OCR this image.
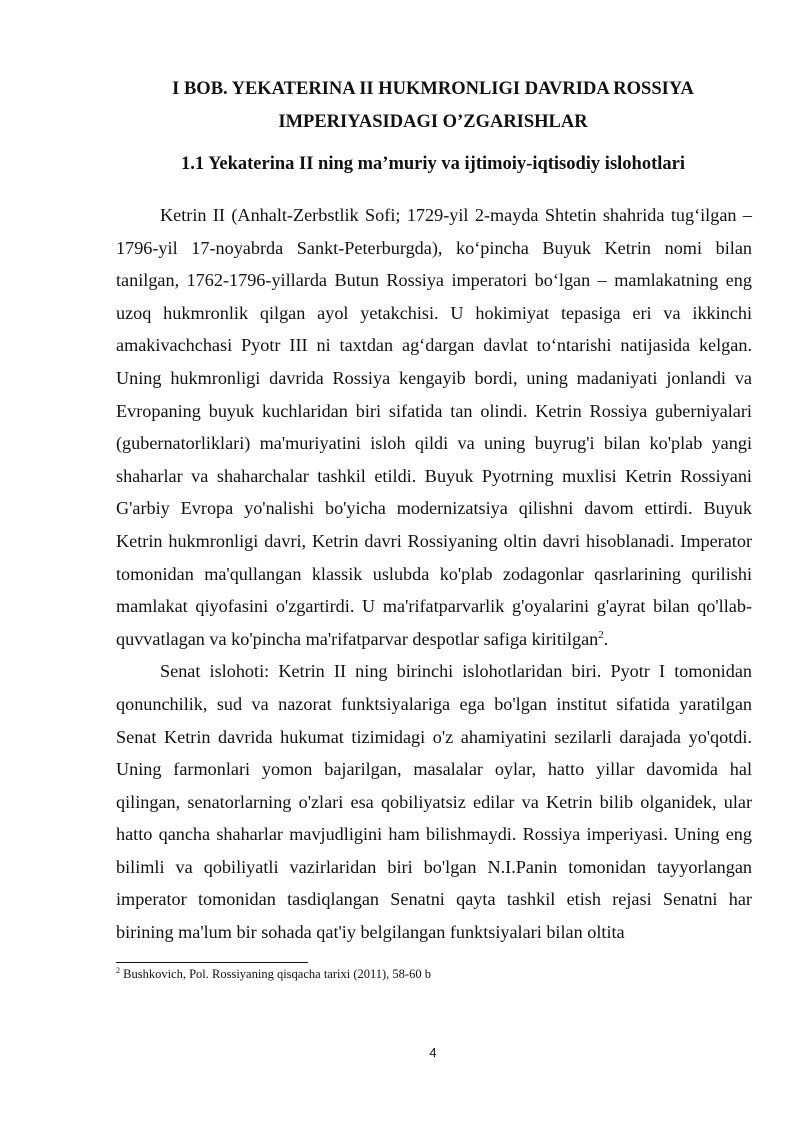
I BOB. YEKATERINA II HUKMRONLIGI DAVRIDA ROSSIYA
IMPERIYASIDAGI O’ZGARISHLAR
1.1 Yekaterina II ning ma’muriy va ijtimoiy-iqtisodiy islohotlari

Ketrin II (Anhalt-Zerbstlik Sofi; 1729-yil 2-mayda Shtetin shahrida tug‘ilgan – 1796-yil 17-noyabrda Sankt-Peterburgda), ko‘pincha Buyuk Ketrin nomi bilan tanilgan, 1762-1796-yillarda Butun Rossiya imperatori bo‘lgan – mamlakatning eng uzoq hukmronlik qilgan ayol yetakchisi. U hokimiyat tepasiga eri va ikkinchi amakivachchasi Pyotr III ni taxtdan ag‘dargan davlat to‘ntarishi natijasida kelgan. Uning hukmronligi davrida Rossiya kengayib bordi, uning madaniyati jonlandi va Evropaning buyuk kuchlaridan biri sifatida tan olindi. Ketrin Rossiya guberniyalari (gubernatorliklari) ma'muriyatini isloh qildi va uning buyrug'i bilan ko'plab yangi shaharlar va shaharchalar tashkil etildi. Buyuk Pyotrning muxlisi Ketrin Rossiyani G'arbiy Evropa yo'nalishi bo'yicha modernizatsiya qilishni davom ettirdi. Buyuk Ketrin hukmronligi davri, Ketrin davri Rossiyaning oltin davri hisoblanadi. Imperator tomonidan ma'qullangan klassik uslubda ko'plab zodagonlar qasrlarining qurilishi mamlakat qiyofasini o'zgartirdi. U ma'rifatparvarlik g'oyalarini g'ayrat bilan qo'llab-quvvatlagan va ko'pincha ma'rifatparvar despotlar safiga kiritilgan$^2$.

Senat islohoti: Ketrin II ning birinchi islohotlaridan biri. Pyotr I tomonidan qonunchilik, sud va nazorat funktsiyalariga ega bo'lgan institut sifatida yaratilgan Senat Ketrin davrida hukumat tizimidagi o'z ahamiyatini sezilarli darajada yo'qotdi. Uning farmonlari yomon bajarilgan, masalalar oylar, hatto yillar davomida hal qilingan, senatorlarning o'zlari esa qobiliyatsiz edilar va Ketrin bilib olganidek, ular hatto qancha shaharlar mavjudligini ham bilishmaydi. Rossiya imperiyasi. Uning eng bilimli va qobiliyatli vazirlaridan biri bo'lgan N.I.Panin tomonidan tayyorlangan imperator tomonidan tasdiqlangan Senatni qayta tashkil etish rejasi Senatni har birining ma'lum bir sohada qat'iy belgilangan funktsiyalari bilan oltita

$^2$ Bushkovich, Pol. Rossiyaning qisqacha tarixi (2011), 58-60 b

4
